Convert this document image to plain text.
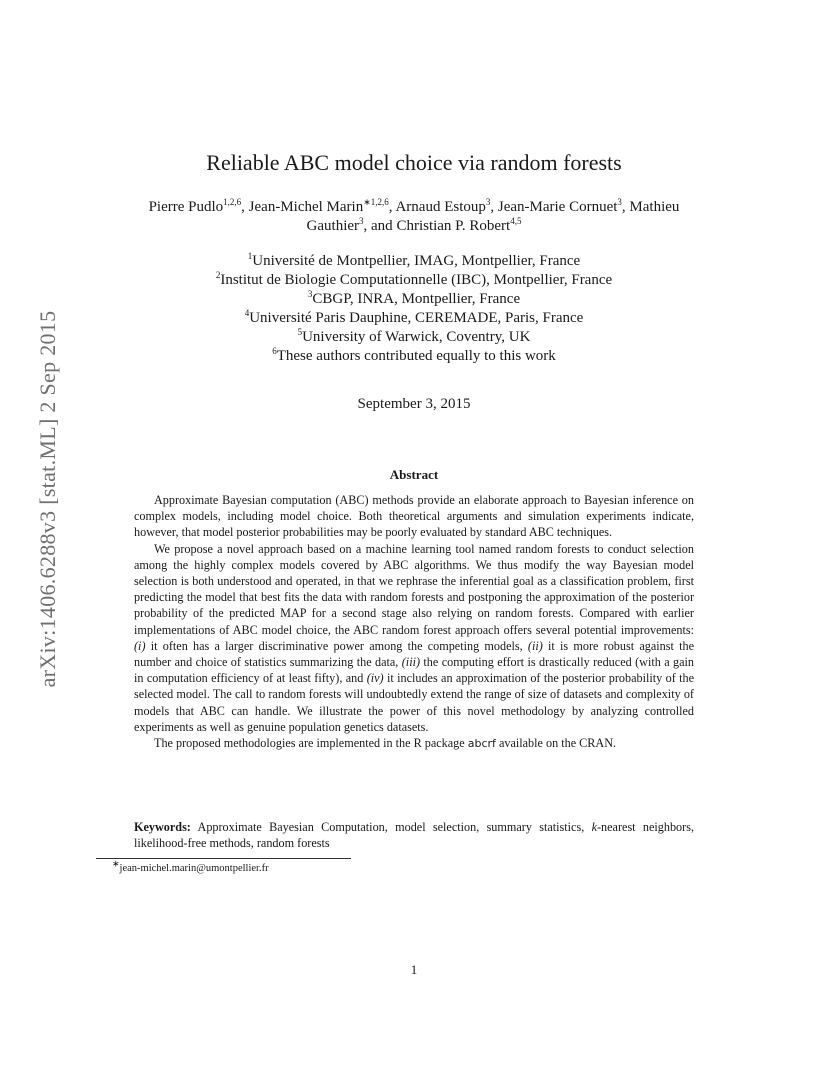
arXiv:1406.6288v3 [stat.ML] 2 Sep 2015
Reliable ABC model choice via random forests
Pierre Pudlo$^{1,2,6}$, Jean-Michel Marin$^{∗1,2,6}$, Arnaud Estoup$^3$, Jean-Marie Cornuet$^3$, Mathieu
Gauthier$^3$, and Christian P. Robert$^{4,5}$
$^1$Université de Montpellier, IMAG, Montpellier, France
$^2$Institut de Biologie Computationnelle (IBC), Montpellier, France
$^3$CBGP, INRA, Montpellier, France
$^4$Université Paris Dauphine, CEREMADE, Paris, France
$^5$University of Warwick, Coventry, UK
$^6$These authors contributed equally to this work
September 3, 2015
Abstract

Approximate Bayesian computation (ABC) methods provide an elaborate approach to Bayesian inference on complex models, including model choice. Both theoretical arguments and simulation experiments indicate, however, that model posterior probabilities may be poorly evaluated by standard ABC techniques.

We propose a novel approach based on a machine learning tool named random forests to conduct selection among the highly complex models covered by ABC algorithms. We thus modify the way Bayesian model selection is both understood and operated, in that we rephrase the inferential goal as a classification problem, first predicting the model that best fits the data with random forests and postponing the approximation of the posterior probability of the predicted MAP for a second stage also relying on random forests. Compared with earlier implementations of ABC model choice, the ABC random forest approach offers several potential improvements: (i) it often has a larger discriminative power among the competing models, (ii) it is more robust against the number and choice of statistics summarizing the data, (iii) the computing effort is drastically reduced (with a gain in computation efficiency of at least fifty), and (iv) it includes an approximation of the posterior probability of the selected model. The call to random forests will undoubtedly extend the range of size of datasets and complexity of models that ABC can handle. We illustrate the power of this novel methodology by analyzing controlled experiments as well as genuine population genetics datasets.

The proposed methodologies are implemented in the R package abcrf available on the CRAN.

Keywords: Approximate Bayesian Computation, model selection, summary statistics, k-nearest neighbors, likelihood-free methods, random forests
∗jean-michel.marin@umontpellier.fr
1
